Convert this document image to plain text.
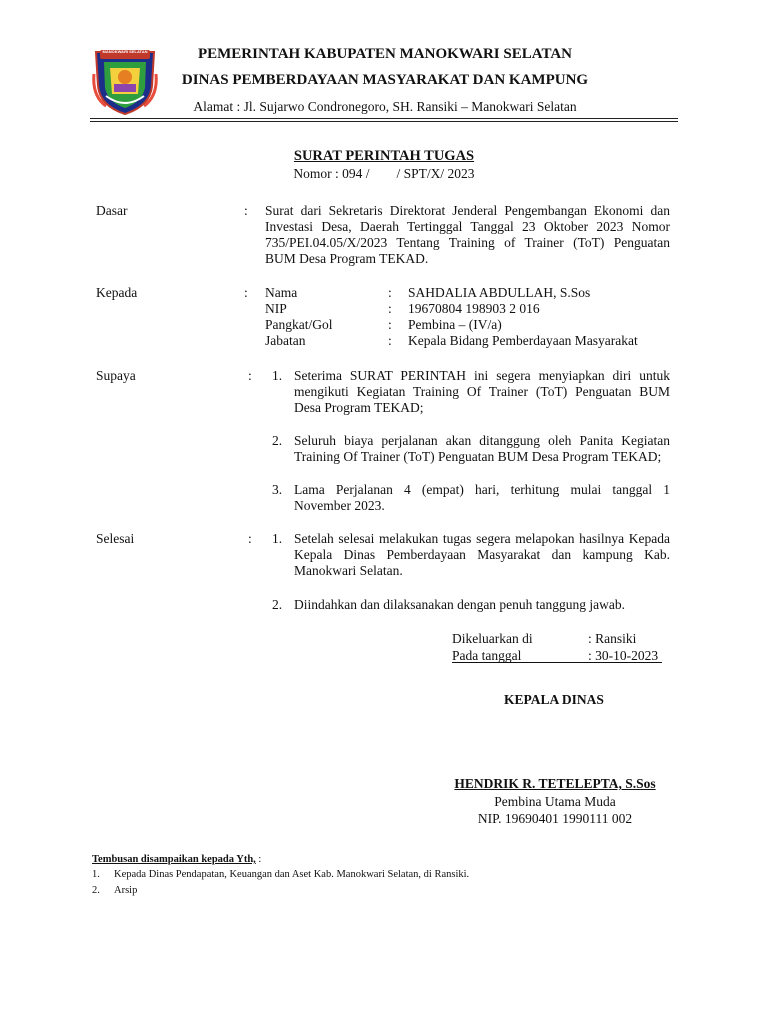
MANOKWARI SELATAN	PEMERINTAH KABUPATEN MANOKWARI SELATAN
DINAS PEMBERDAYAAN MASYARAKAT DAN KAMPUNG
Alamat : Jl. Sujarwo Condronegoro, SH. Ransiki – Manokwari Selatan
SURAT PERINTAH TUGAS
Nomor : 094 /        / SPT/X/ 2023
Dasar	: Surat dari Sekretaris Direktorat Jenderal Pengembangan Ekonomi dan
Investasi Desa, Daerah Tertinggal Tanggal 23 Oktober 2023 Nomor
735/PEI.04.05/X/2023 Tentang Training of Trainer (ToT) Penguatan
BUM Desa Program TEKAD.
Kepada	: Nama	: SAHDALIA ABDULLAH, S.Sos
NIP	: 19670804 198903 2 016
Pangkat/Gol	: Pembina – (IV/a)
Jabatan	: Kepala Bidang Pemberdayaan Masyarakat
Supaya	: 1. Seterima SURAT PERINTAH ini segera menyiapkan diri untuk
mengikuti Kegiatan Training Of Trainer (ToT) Penguatan BUM
Desa Program TEKAD;
2. Seluruh biaya perjalanan akan ditanggung oleh Panita Kegiatan
Training Of Trainer (ToT) Penguatan BUM Desa Program TEKAD;
3. Lama Perjalanan 4 (empat) hari, terhitung mulai tanggal 1
November 2023.
Selesai	: 1. Setelah selesai melakukan tugas segera melapokan hasilnya Kepada
Kepala Dinas Pemberdayaan Masyarakat dan kampung Kab.
Manokwari Selatan.
2. Diindahkan dan dilaksanakan dengan penuh tanggung jawab.
Dikeluarkan di	: Ransiki
Pada tanggal	: 30-10-2023
KEPALA DINAS
HENDRIK R. TETELEPTA, S.Sos
Pembina Utama Muda
NIP. 19690401 1990111 002
Tembusan disampaikan kepada Yth, :
1. Kepada Dinas Pendapatan, Keuangan dan Aset Kab. Manokwari Selatan, di Ransiki.
2. Arsip
